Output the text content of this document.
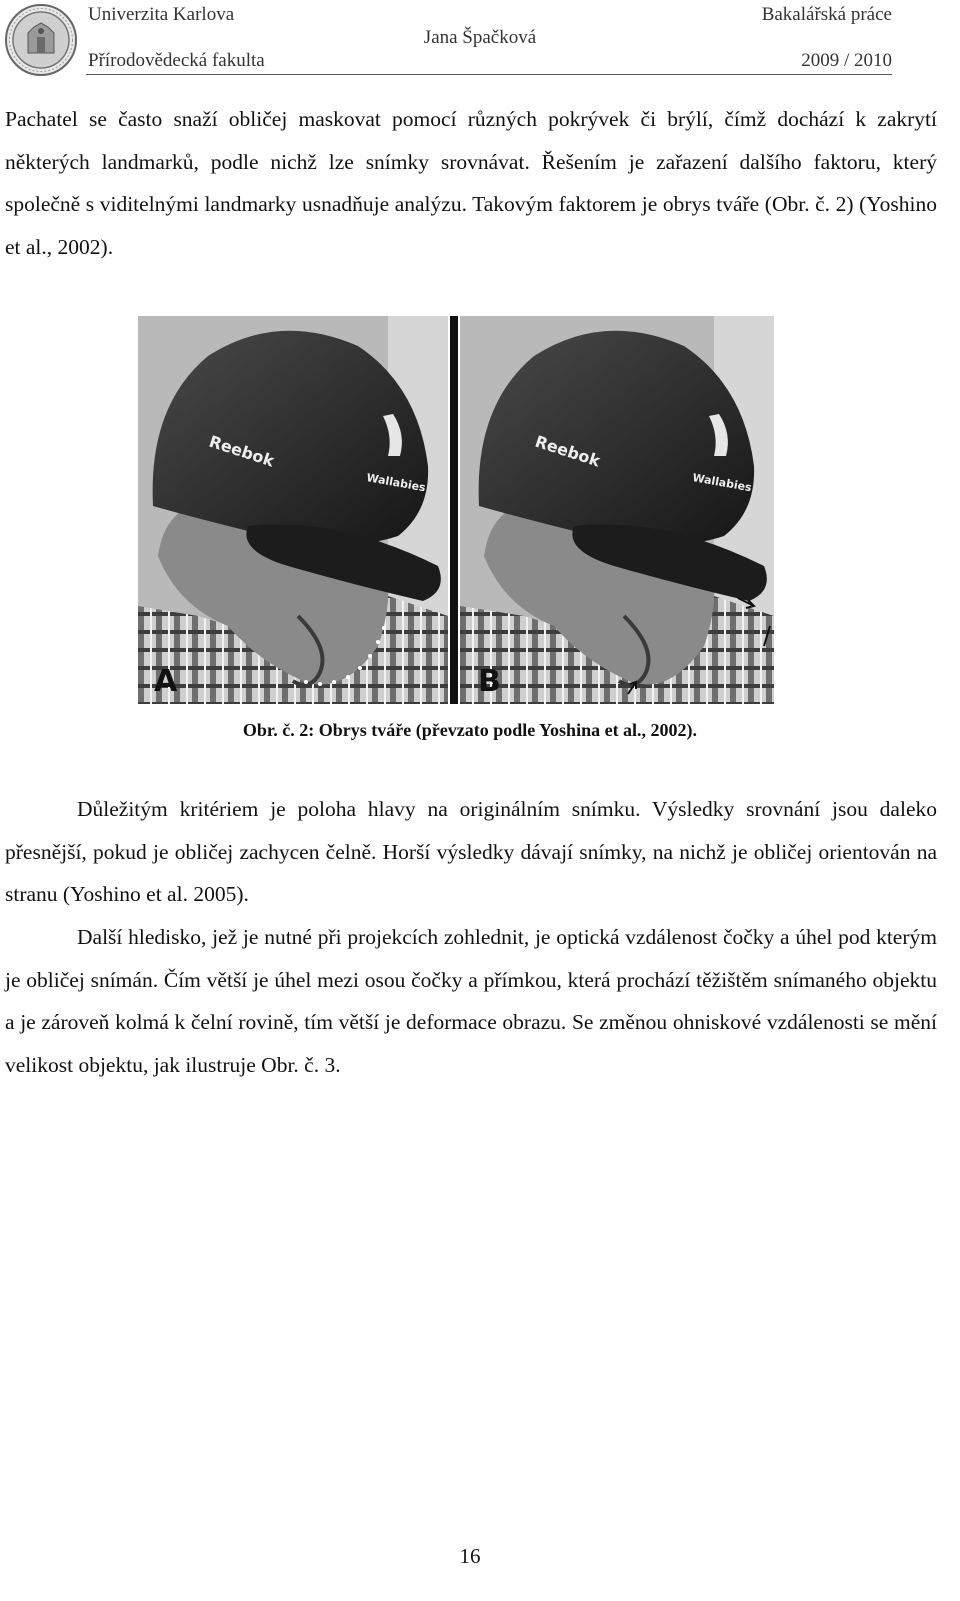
Univerzita Karlova
Přírodovědecká fakulta
Jana Špačková
Bakalářská práce
2009 / 2010

Pachatel se často snaží obličej maskovat pomocí různých pokrývek či brýlí, čímž dochází k zakrytí některých landmarků, podle nichž lze snímky srovnávat. Řešením je zařazení dalšího faktoru, který společně s viditelnými landmarky usnadňuje analýzu. Takovým faktorem je obrys tváře (Obr. č. 2) (Yoshino et al., 2002).

Reebok
Wallabies
A
Reebok
Wallabies
B
Obr. č. 2: Obrys tváře (převzato podle Yoshina et al., 2002).

Důležitým kritériem je poloha hlavy na originálním snímku. Výsledky srovnání jsou daleko přesnější, pokud je obličej zachycen čelně. Horší výsledky dávají snímky, na nichž je obličej orientován na stranu (Yoshino et al. 2005).

Další hledisko, jež je nutné při projekcích zohlednit, je optická vzdálenost čočky a úhel pod kterým je obličej snímán. Čím větší je úhel mezi osou čočky a přímkou, která prochází těžištěm snímaného objektu a je zároveň kolmá k čelní rovině, tím větší je deformace obrazu. Se změnou ohniskové vzdálenosti se mění velikost objektu, jak ilustruje Obr. č. 3.

16
